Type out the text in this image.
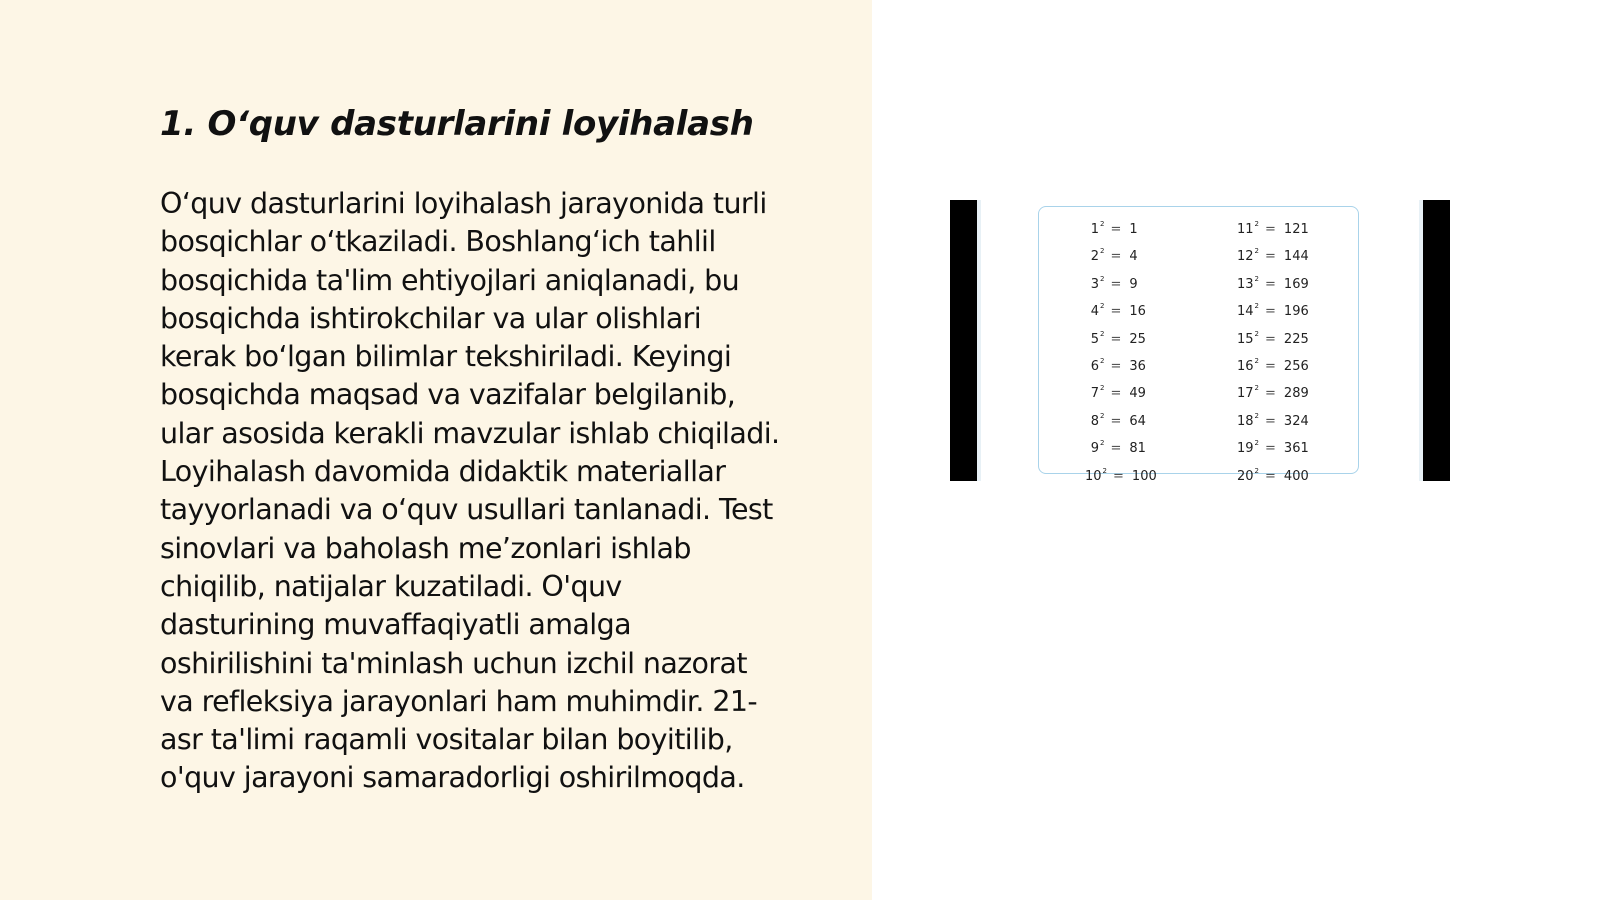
1. O‘quv dasturlarini loyihalash

O‘quv dasturlarini loyihalash jarayonida turli
bosqichlar o‘tkaziladi. Boshlang‘ich tahlil
bosqichida ta'lim ehtiyojlari aniqlanadi, bu
bosqichda ishtirokchilar va ular olishlari
kerak bo‘lgan bilimlar tekshiriladi. Keyingi
bosqichda maqsad va vazifalar belgilanib,
ular asosida kerakli mavzular ishlab chiqiladi.
Loyihalash davomida didaktik materiallar
tayyorlanadi va o‘quv usullari tanlanadi. Test
sinovlari va baholash me’zonlari ishlab
chiqilib, natijalar kuzatiladi. O'quv
dasturining muvaffaqiyatli amalga
oshirilishini ta'minlash uchun izchil nazorat
va refleksiya jarayonlari ham muhimdir. 21-
asr ta'limi raqamli vositalar bilan boyitilib,
o'quv jarayoni samaradorligi oshirilmoqda.

$1^2 = 1$
$2^2 = 4$
$3^2 = 9$
$4^2 = 16$
$5^2 = 25$
$6^2 = 36$
$7^2 = 49$
$8^2 = 64$
$9^2 = 81$
$10^2 = 100$
$11^2 = 121$
$12^2 = 144$
$13^2 = 169$
$14^2 = 196$
$15^2 = 225$
$16^2 = 256$
$17^2 = 289$
$18^2 = 324$
$19^2 = 361$
$20^2 = 400$
